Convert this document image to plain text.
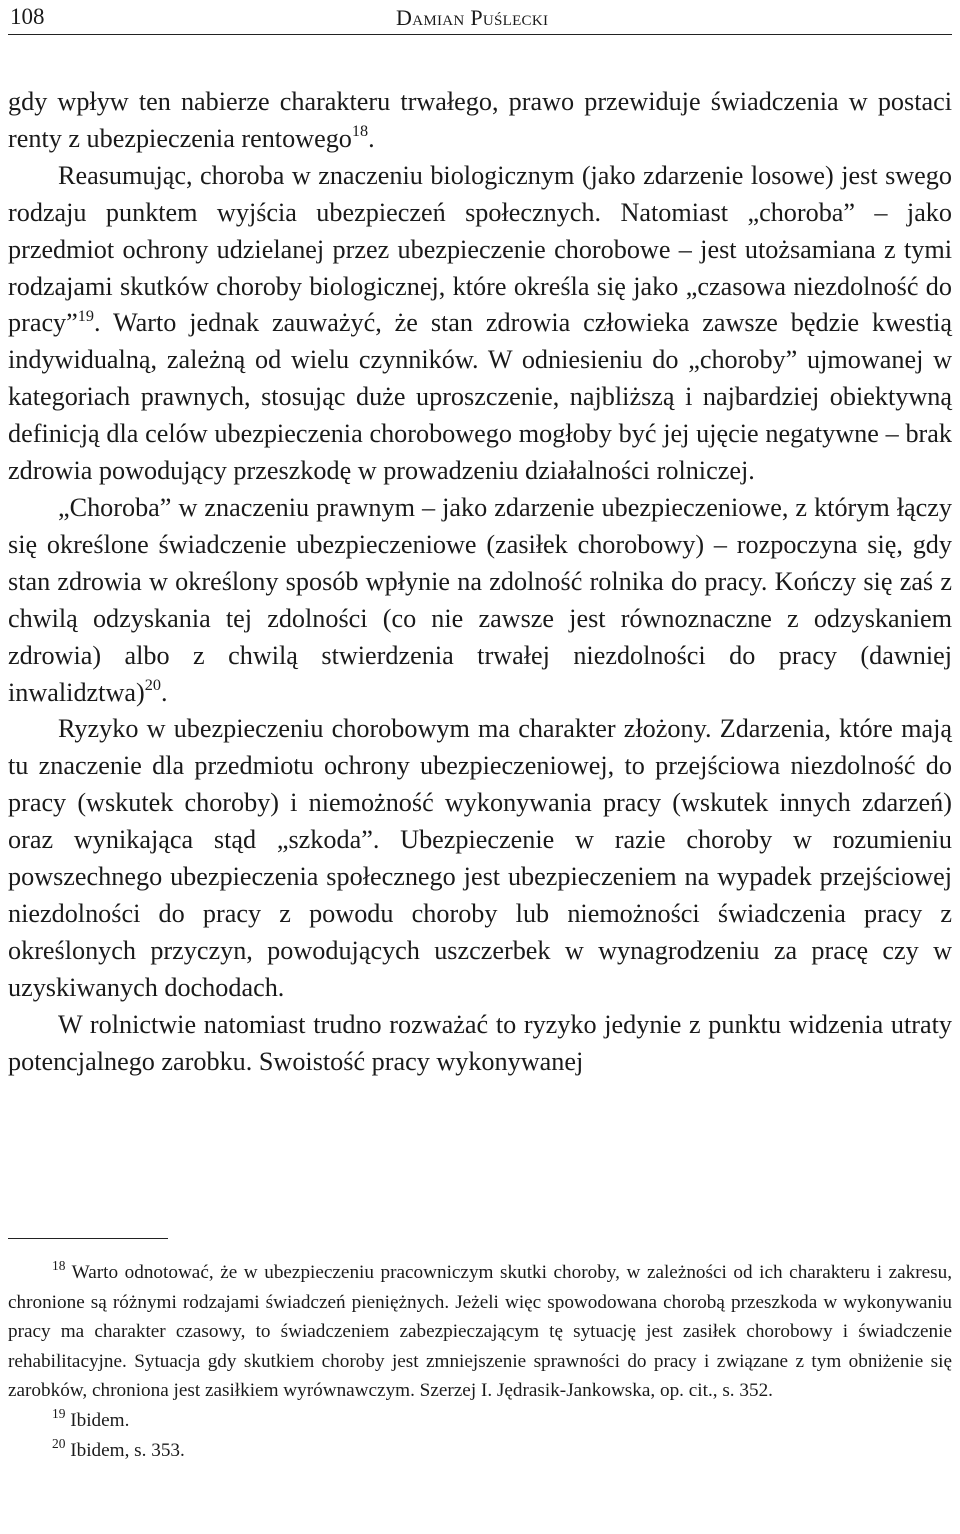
108	Damian Puślecki

gdy wpływ ten nabierze charakteru trwałego, prawo przewiduje świadczenia w postaci renty z ubezpieczenia rentowego$^{18}$.

Reasumując, choroba w znaczeniu biologicznym (jako zdarzenie losowe) jest swego rodzaju punktem wyjścia ubezpieczeń społecznych. Natomiast „choroba” – jako przedmiot ochrony udzielanej przez ubezpieczenie chorobowe – jest utożsamiana z tymi rodzajami skutków choroby biologicznej, które określa się jako „czasowa niezdolność do pracy”$^{19}$. Warto jednak zauważyć, że stan zdrowia człowieka zawsze będzie kwestią indywidualną, zależną od wielu czynników. W odniesieniu do „choroby” ujmowanej w kategoriach prawnych, stosując duże uproszczenie, najbliższą i najbardziej obiektywną definicją dla celów ubezpieczenia chorobowego mogłoby być jej ujęcie negatywne – brak zdrowia powodujący przeszkodę w prowadzeniu działalności rolniczej.

„Choroba” w znaczeniu prawnym – jako zdarzenie ubezpieczeniowe, z którym łączy się określone świadczenie ubezpieczeniowe (zasiłek chorobowy) – rozpoczyna się, gdy stan zdrowia w określony sposób wpłynie na zdolność rolnika do pracy. Kończy się zaś z chwilą odzyskania tej zdolności (co nie zawsze jest równoznaczne z odzyskaniem zdrowia) albo z chwilą stwierdzenia trwałej niezdolności do pracy (dawniej inwalidztwa)$^{20}$.

Ryzyko w ubezpieczeniu chorobowym ma charakter złożony. Zdarzenia, które mają tu znaczenie dla przedmiotu ochrony ubezpieczeniowej, to przejściowa niezdolność do pracy (wskutek choroby) i niemożność wykonywania pracy (wskutek innych zdarzeń) oraz wynikająca stąd „szkoda”. Ubezpieczenie w razie choroby w rozumieniu powszechnego ubezpieczenia społecznego jest ubezpieczeniem na wypadek przejściowej niezdolności do pracy z powodu choroby lub niemożności świadczenia pracy z określonych przyczyn, powodujących uszczerbek w wynagrodzeniu za pracę czy w uzyskiwanych dochodach.

W rolnictwie natomiast trudno rozważać to ryzyko jedynie z punktu widzenia utraty potencjalnego zarobku. Swoistość pracy wykonywanej

$^{18}$ Warto odnotować, że w ubezpieczeniu pracowniczym skutki choroby, w zależności od ich charakteru i zakresu, chronione są różnymi rodzajami świadczeń pieniężnych. Jeżeli więc spowodowana chorobą przeszkoda w wykonywaniu pracy ma charakter czasowy, to świadczeniem zabezpieczającym tę sytuację jest zasiłek chorobowy i świadczenie rehabilitacyjne. Sytuacja gdy skutkiem choroby jest zmniejszenie sprawności do pracy i związane z tym obniżenie się zarobków, chroniona jest zasiłkiem wyrównawczym. Szerzej I. Jędrasik-Jankowska, op. cit., s. 352.

$^{19}$ Ibidem.

$^{20}$ Ibidem, s. 353.
